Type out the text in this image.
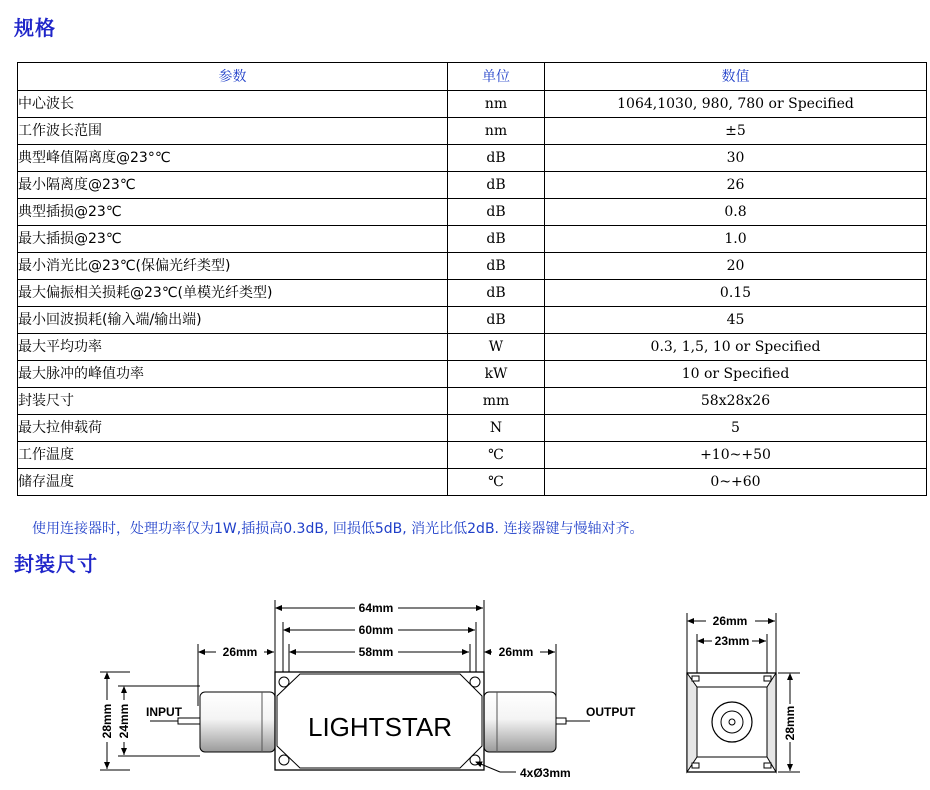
规格
参数	单位	数值
中心波长	nm	1064,1030, 980, 780 or Specified
工作波长范围	nm	±5
典型峰值隔离度@23°℃	dB	30
最小隔离度@23℃	dB	26
典型插损@23℃	dB	0.8
最大插损@23℃	dB	1.0
最小消光比@23℃(保偏光纤类型)	dB	20
最大偏振相关损耗@23℃(单模光纤类型)	dB	0.15
最小回波损耗(输入端/输出端)	dB	45
最大平均功率	W	0.3, 1,5, 10 or Specified
最大脉冲的峰值功率	kW	10 or Specified
封装尺寸	mm	58x28x26
最大拉伸载荷	N	5
工作温度	℃	+10~+50
储存温度	℃	0~+60
使用连接器时，处理功率仅为1W,插损高0.3dB, 回损低5dB, 消光比低2dB. 连接器键与慢轴对齐。
封装尺寸
64mm
60mm
58mm
26mm	26mm
INPUT	OUTPUT
4xØ3mm
26mm
23mm
28mm 24mm	28mm
LIGHTSTAR
